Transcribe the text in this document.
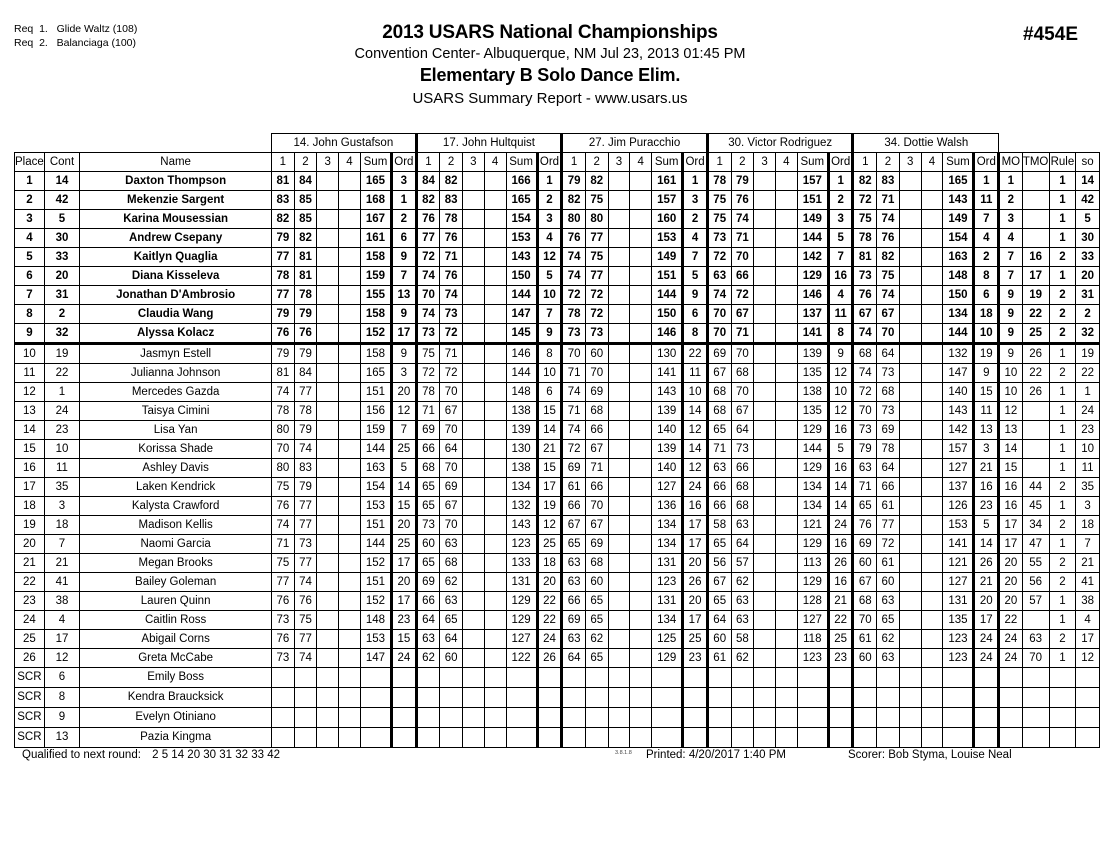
Req  1.   Glide Waltz (108)
Req  2.   Balanciaga (100)	2013 USARS National Championships
Convention Center- Albuquerque, NM Jul 23, 2013 01:45 PM
Elementary B Solo Dance Elim.
USARS Summary Report - www.usars.us
#454E
			14. John Gustafson						17. John Hultquist						27. Jim Puracchio						30. Victor Rodriguez						34. Dottie Walsh									
Place	Cont	Name	1	2	3	4	Sum	Ord	1	2	3	4	Sum	Ord	1	2	3	4	Sum	Ord	1	2	3	4	Sum	Ord	1	2	3	4	Sum	Ord	MO	TMO	Rule	so
1	14	Daxton Thompson	81	84			165	3	84	82			166	1	79	82			161	1	78	79			157	1	82	83			165	1	1		1	14
2	42	Mekenzie Sargent	83	85			168	1	82	83			165	2	82	75			157	3	75	76			151	2	72	71			143	11	2		1	42
3	5	Karina Mousessian	82	85			167	2	76	78			154	3	80	80			160	2	75	74			149	3	75	74			149	7	3		1	5
4	30	Andrew Csepany	79	82			161	6	77	76			153	4	76	77			153	4	73	71			144	5	78	76			154	4	4		1	30
5	33	Kaitlyn Quaglia	77	81			158	9	72	71			143	12	74	75			149	7	72	70			142	7	81	82			163	2	7	16	2	33
6	20	Diana Kisseleva	78	81			159	7	74	76			150	5	74	77			151	5	63	66			129	16	73	75			148	8	7	17	1	20
7	31	Jonathan D'Ambrosio	77	78			155	13	70	74			144	10	72	72			144	9	74	72			146	4	76	74			150	6	9	19	2	31
8	2	Claudia Wang	79	79			158	9	74	73			147	7	78	72			150	6	70	67			137	11	67	67			134	18	9	22	2	2
9	32	Alyssa Kolacz	76	76			152	17	73	72			145	9	73	73			146	8	70	71			141	8	74	70			144	10	9	25	2	32
10	19	Jasmyn Estell	79	79			158	9	75	71			146	8	70	60			130	22	69	70			139	9	68	64			132	19	9	26	1	19
11	22	Julianna Johnson	81	84			165	3	72	72			144	10	71	70			141	11	67	68			135	12	74	73			147	9	10	22	2	22
12	1	Mercedes Gazda	74	77			151	20	78	70			148	6	74	69			143	10	68	70			138	10	72	68			140	15	10	26	1	1
13	24	Taisya Cimini	78	78			156	12	71	67			138	15	71	68			139	14	68	67			135	12	70	73			143	11	12		1	24
14	23	Lisa Yan	80	79			159	7	69	70			139	14	74	66			140	12	65	64			129	16	73	69			142	13	13		1	23
15	10	Korissa Shade	70	74			144	25	66	64			130	21	72	67			139	14	71	73			144	5	79	78			157	3	14		1	10
16	11	Ashley Davis	80	83			163	5	68	70			138	15	69	71			140	12	63	66			129	16	63	64			127	21	15		1	11
17	35	Laken Kendrick	75	79			154	14	65	69			134	17	61	66			127	24	66	68			134	14	71	66			137	16	16	44	2	35
18	3	Kalysta Crawford	76	77			153	15	65	67			132	19	66	70			136	16	66	68			134	14	65	61			126	23	16	45	1	3
19	18	Madison Kellis	74	77			151	20	73	70			143	12	67	67			134	17	58	63			121	24	76	77			153	5	17	34	2	18
20	7	Naomi Garcia	71	73			144	25	60	63			123	25	65	69			134	17	65	64			129	16	69	72			141	14	17	47	1	7
21	21	Megan Brooks	75	77			152	17	65	68			133	18	63	68			131	20	56	57			113	26	60	61			121	26	20	55	2	21
22	41	Bailey Goleman	77	74			151	20	69	62			131	20	63	60			123	26	67	62			129	16	67	60			127	21	20	56	2	41
23	38	Lauren Quinn	76	76			152	17	66	63			129	22	66	65			131	20	65	63			128	21	68	63			131	20	20	57	1	38
24	4	Caitlin Ross	73	75			148	23	64	65			129	22	69	65			134	17	64	63			127	22	70	65			135	17	22		1	4
25	17	Abigail Corns	76	77			153	15	63	64			127	24	63	62			125	25	60	58			118	25	61	62			123	24	24	63	2	17
26	12	Greta McCabe	73	74			147	24	62	60			122	26	64	65			129	23	61	62			123	23	60	63			123	24	24	70	1	12
SCR	6	Emily Boss																																		
SCR	8	Kendra Braucksick																																		
SCR	9	Evelyn Otiniano																																		
SCR	13	Pazia Kingma																																		
Qualified to next round: 2 5 14 20 30 31 32 33 42	3.8.1.8 Printed: 4/20/2017 1:40 PM	Scorer: Bob Styma, Louise Neal
